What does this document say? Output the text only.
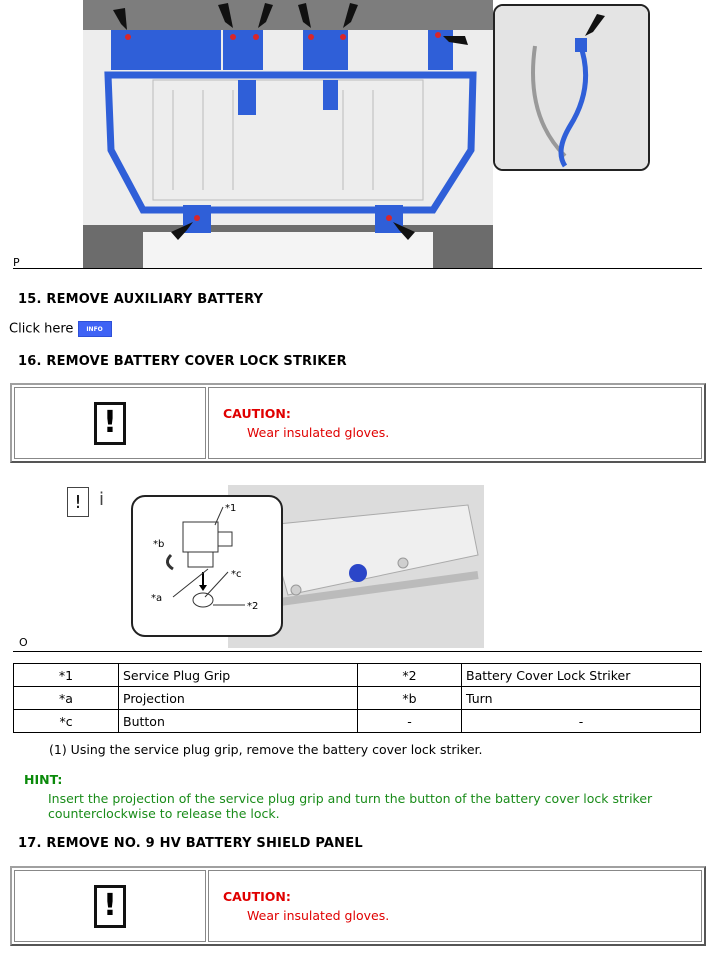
P
15. REMOVE AUXILIARY BATTERY
Click here INFO
16. REMOVE BATTERY COVER LOCK STRIKER
!	CAUTION:
Wear insulated gloves.
! i	*1
*b
*a
*c
*2
O
*1	Service Plug Grip	*2	Battery Cover Lock Striker
*a	Projection	*b	Turn
*c	Button	-	-
(1) Using the service plug grip, remove the battery cover lock striker.
HINT:
Insert the projection of the service plug grip and turn the button of the battery cover lock striker
counterclockwise to release the lock.
17. REMOVE NO. 9 HV BATTERY SHIELD PANEL
!	CAUTION:
Wear insulated gloves.
